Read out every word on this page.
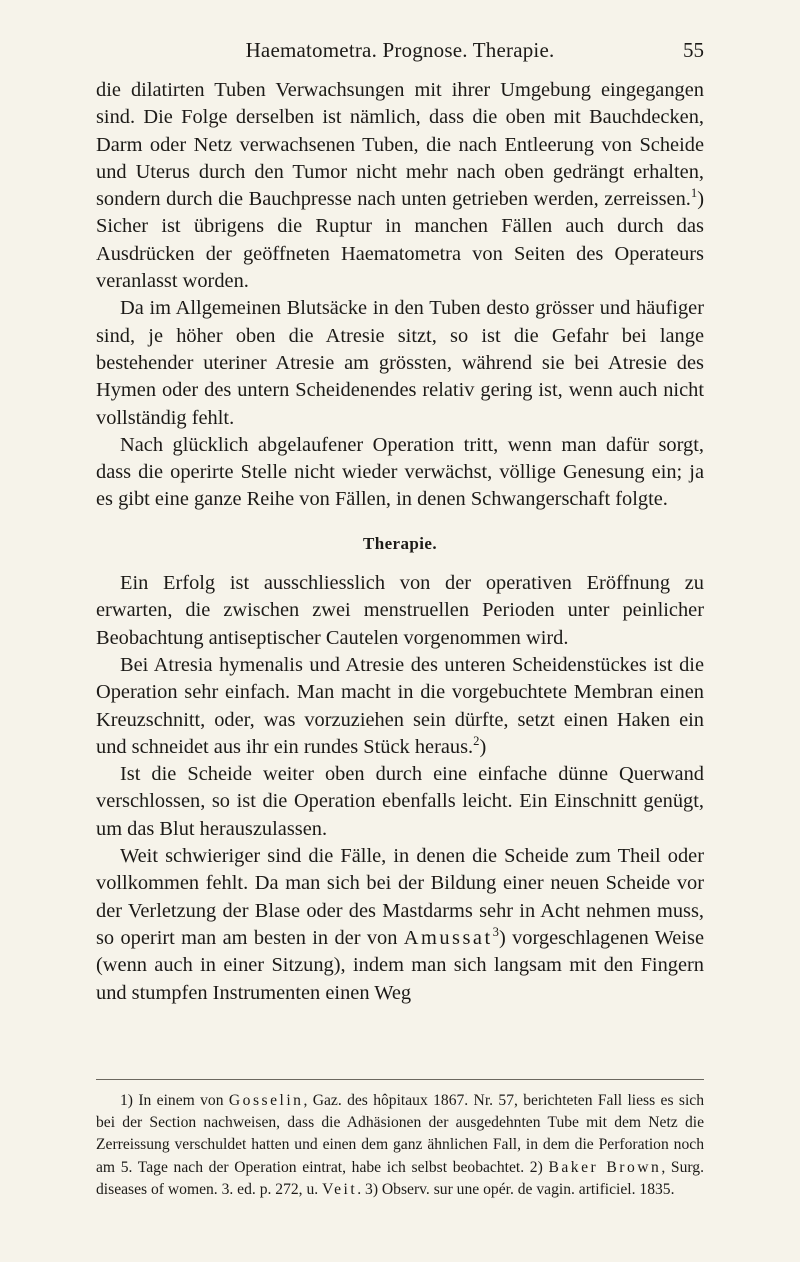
Haematometra. Prognose. Therapie.	55

die dilatirten Tuben Verwachsungen mit ihrer Umgebung eingegangen sind. Die Folge derselben ist nämlich, dass die oben mit Bauchdecken, Darm oder Netz verwachsenen Tuben, die nach Entleerung von Scheide und Uterus durch den Tumor nicht mehr nach oben gedrängt erhalten, sondern durch die Bauchpresse nach unten getrieben werden, zerreissen.$^1$) Sicher ist übrigens die Ruptur in manchen Fällen auch durch das Ausdrücken der geöffneten Haematometra von Seiten des Operateurs veranlasst worden.

Da im Allgemeinen Blutsäcke in den Tuben desto grösser und häufiger sind, je höher oben die Atresie sitzt, so ist die Gefahr bei lange bestehender uteriner Atresie am grössten, während sie bei Atresie des Hymen oder des untern Scheidenendes relativ gering ist, wenn auch nicht vollständig fehlt.

Nach glücklich abgelaufener Operation tritt, wenn man dafür sorgt, dass die operirte Stelle nicht wieder verwächst, völlige Genesung ein; ja es gibt eine ganze Reihe von Fällen, in denen Schwangerschaft folgte.

Therapie.

Ein Erfolg ist ausschliesslich von der operativen Eröffnung zu erwarten, die zwischen zwei menstruellen Perioden unter peinlicher Beobachtung antiseptischer Cautelen vorgenommen wird.

Bei Atresia hymenalis und Atresie des unteren Scheidenstückes ist die Operation sehr einfach. Man macht in die vorgebuchtete Membran einen Kreuzschnitt, oder, was vorzuziehen sein dürfte, setzt einen Haken ein und schneidet aus ihr ein rundes Stück heraus.$^2$)

Ist die Scheide weiter oben durch eine einfache dünne Querwand verschlossen, so ist die Operation ebenfalls leicht. Ein Einschnitt genügt, um das Blut herauszulassen.

Weit schwieriger sind die Fälle, in denen die Scheide zum Theil oder vollkommen fehlt. Da man sich bei der Bildung einer neuen Scheide vor der Verletzung der Blase oder des Mastdarms sehr in Acht nehmen muss, so operirt man am besten in der von Amussat$^3$) vorgeschlagenen Weise (wenn auch in einer Sitzung), indem man sich langsam mit den Fingern und stumpfen Instrumenten einen Weg

1) In einem von Gosselin, Gaz. des hôpitaux 1867. Nr. 57, berichteten Fall liess es sich bei der Section nachweisen, dass die Adhäsionen der ausgedehnten Tube mit dem Netz die Zerreissung verschuldet hatten und einen dem ganz ähnlichen Fall, in dem die Perforation noch am 5. Tage nach der Operation eintrat, habe ich selbst beobachtet. 2) Baker Brown, Surg. diseases of women. 3. ed. p. 272, u. Veit. 3) Observ. sur une opér. de vagin. artificiel. 1835.
